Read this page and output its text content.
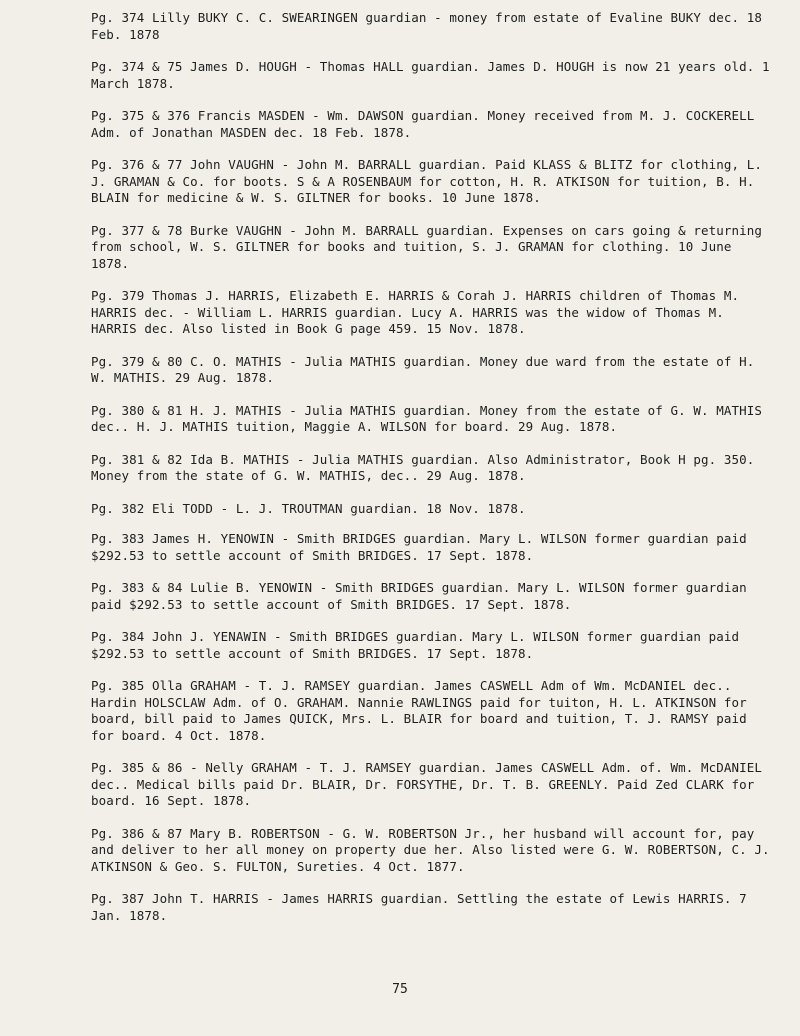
Pg. 374 Lilly BUKY C. C. SWEARINGEN guardian - money from estate of Evaline BUKY dec. 18 Feb. 1878

Pg. 374 & 75 James D. HOUGH - Thomas HALL guardian. James D. HOUGH is now 21 years old. 1 March 1878.

Pg. 375 & 376 Francis MASDEN - Wm. DAWSON guardian. Money received from M. J. COCKERELL Adm. of Jonathan MASDEN dec. 18 Feb. 1878.

Pg. 376 & 77 John VAUGHN - John M. BARRALL guardian. Paid KLASS & BLITZ for clothing, L. J. GRAMAN & Co. for boots. S & A ROSENBAUM for cotton, H. R. ATKISON for tuition, B. H. BLAIN for medicine & W. S. GILTNER for books. 10 June 1878.

Pg. 377 & 78 Burke VAUGHN - John M. BARRALL guardian. Expenses on cars going & returning from school, W. S. GILTNER for books and tuition, S. J. GRAMAN for clothing. 10 June 1878.

Pg. 379 Thomas J. HARRIS, Elizabeth E. HARRIS & Corah J. HARRIS children of Thomas M. HARRIS dec. - William L. HARRIS guardian. Lucy A. HARRIS was the widow of Thomas M. HARRIS dec. Also listed in Book G page 459. 15 Nov. 1878.

Pg. 379 & 80 C. O. MATHIS - Julia MATHIS guardian. Money due ward from the estate of H. W. MATHIS. 29 Aug. 1878.

Pg. 380 & 81 H. J. MATHIS - Julia MATHIS guardian. Money from the estate of G. W. MATHIS dec.. H. J. MATHIS tuition, Maggie A. WILSON for board. 29 Aug. 1878.

Pg. 381 & 82 Ida B. MATHIS - Julia MATHIS guardian. Also Administrator, Book H pg. 350. Money from the state of G. W. MATHIS, dec.. 29 Aug. 1878.

Pg. 382 Eli TODD - L. J. TROUTMAN guardian. 18 Nov. 1878.

Pg. 383 James H. YENOWIN - Smith BRIDGES guardian. Mary L. WILSON former guardian paid $292.53 to settle account of Smith BRIDGES. 17 Sept. 1878.

Pg. 383 & 84 Lulie B. YENOWIN - Smith BRIDGES guardian. Mary L. WILSON former guardian paid $292.53 to settle account of Smith BRIDGES. 17 Sept. 1878.

Pg. 384 John J. YENAWIN - Smith BRIDGES guardian. Mary L. WILSON former guardian paid $292.53 to settle account of Smith BRIDGES. 17 Sept. 1878.

Pg. 385 Olla GRAHAM - T. J. RAMSEY guardian. James CASWELL Adm of Wm. McDANIEL dec.. Hardin HOLSCLAW Adm. of O. GRAHAM. Nannie RAWLINGS paid for tuiton, H. L. ATKINSON for board, bill paid to James QUICK, Mrs. L. BLAIR for board and tuition, T. J. RAMSY paid for board. 4 Oct. 1878.

Pg. 385 & 86 - Nelly GRAHAM - T. J. RAMSEY guardian. James CASWELL Adm. of. Wm. McDANIEL dec.. Medical bills paid Dr. BLAIR, Dr. FORSYTHE, Dr. T. B. GREENLY. Paid Zed CLARK for board. 16 Sept. 1878.

Pg. 386 & 87 Mary B. ROBERTSON - G. W. ROBERTSON Jr., her husband will account for, pay and deliver to her all money on property due her. Also listed were G. W. ROBERTSON, C. J. ATKINSON & Geo. S. FULTON, Sureties. 4 Oct. 1877.

Pg. 387 John T. HARRIS - James HARRIS guardian. Settling the estate of Lewis HARRIS. 7 Jan. 1878.

75
